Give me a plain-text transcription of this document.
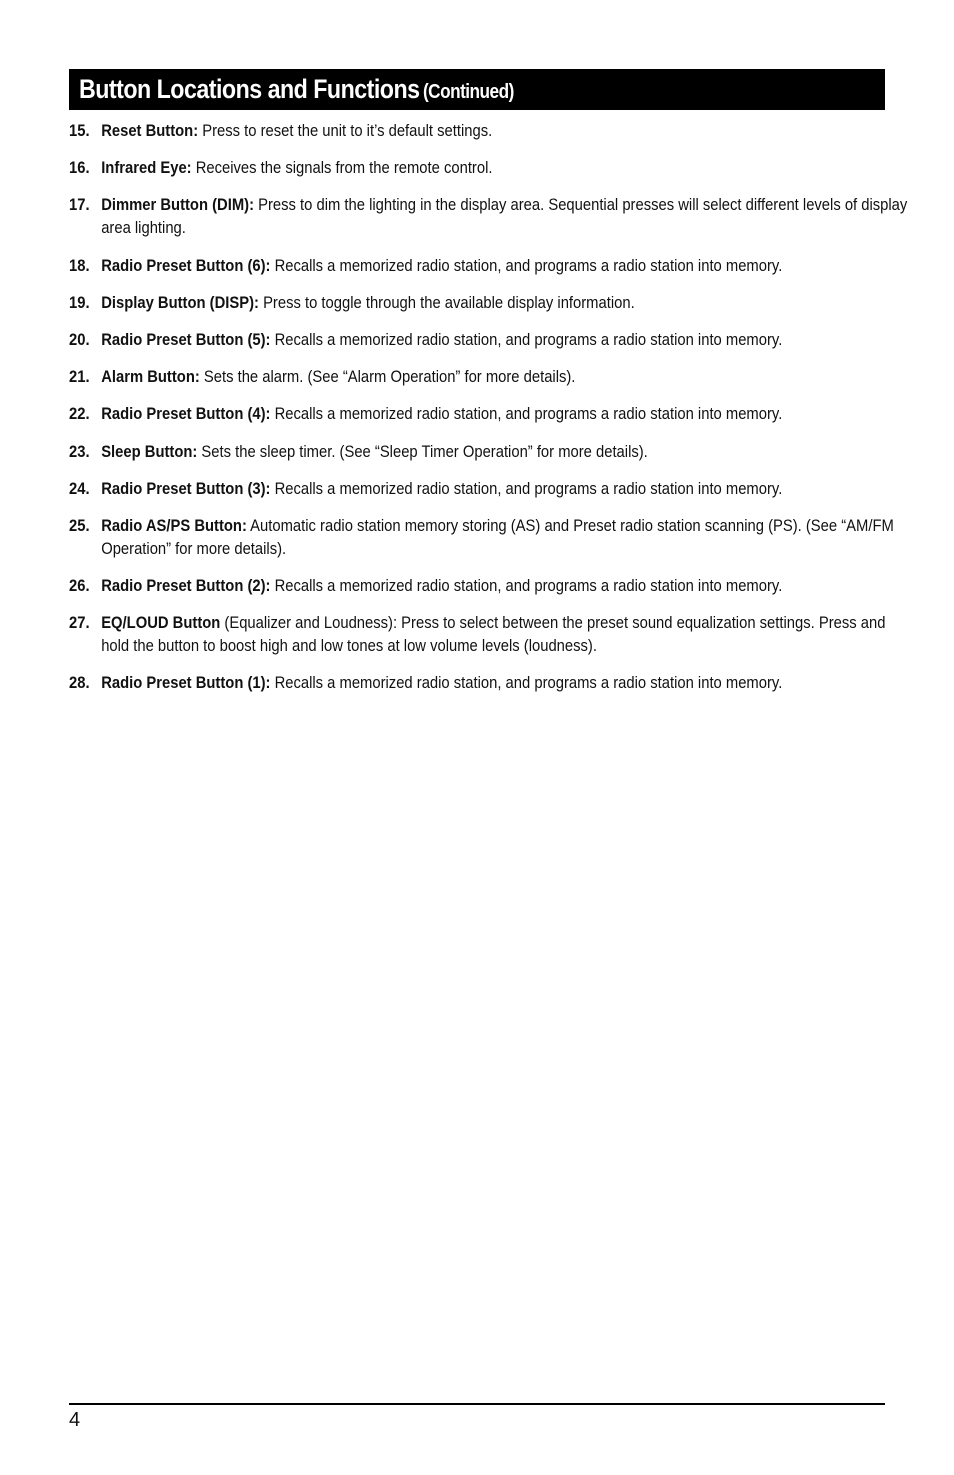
Button Locations and Functions (Continued)
15. Reset Button: Press to reset the unit to it’s default settings.
16. Infrared Eye: Receives the signals from the remote control.
17. Dimmer Button (DIM): Press to dim the lighting in the display area. Sequential presses will select different levels of display area lighting.
18. Radio Preset Button (6): Recalls a memorized radio station, and programs a radio station into memory.
19. Display Button (DISP): Press to toggle through the available display information.
20. Radio Preset Button (5): Recalls a memorized radio station, and programs a radio station into memory.
21. Alarm Button: Sets the alarm. (See “Alarm Operation” for more details).
22. Radio Preset Button (4): Recalls a memorized radio station, and programs a radio station into memory.
23. Sleep Button: Sets the sleep timer. (See “Sleep Timer Operation” for more details).
24. Radio Preset Button (3): Recalls a memorized radio station, and programs a radio station into memory.
25. Radio AS/PS Button: Automatic radio station memory storing (AS) and Preset radio station scanning (PS). (See “AM/FM Operation” for more details).
26. Radio Preset Button (2): Recalls a memorized radio station, and programs a radio station into memory.
27. EQ/LOUD Button (Equalizer and Loudness): Press to select between the preset sound equalization settings. Press and hold the button to boost high and low tones at low volume levels (loudness).
28. Radio Preset Button (1): Recalls a memorized radio station, and programs a radio station into memory.
4
